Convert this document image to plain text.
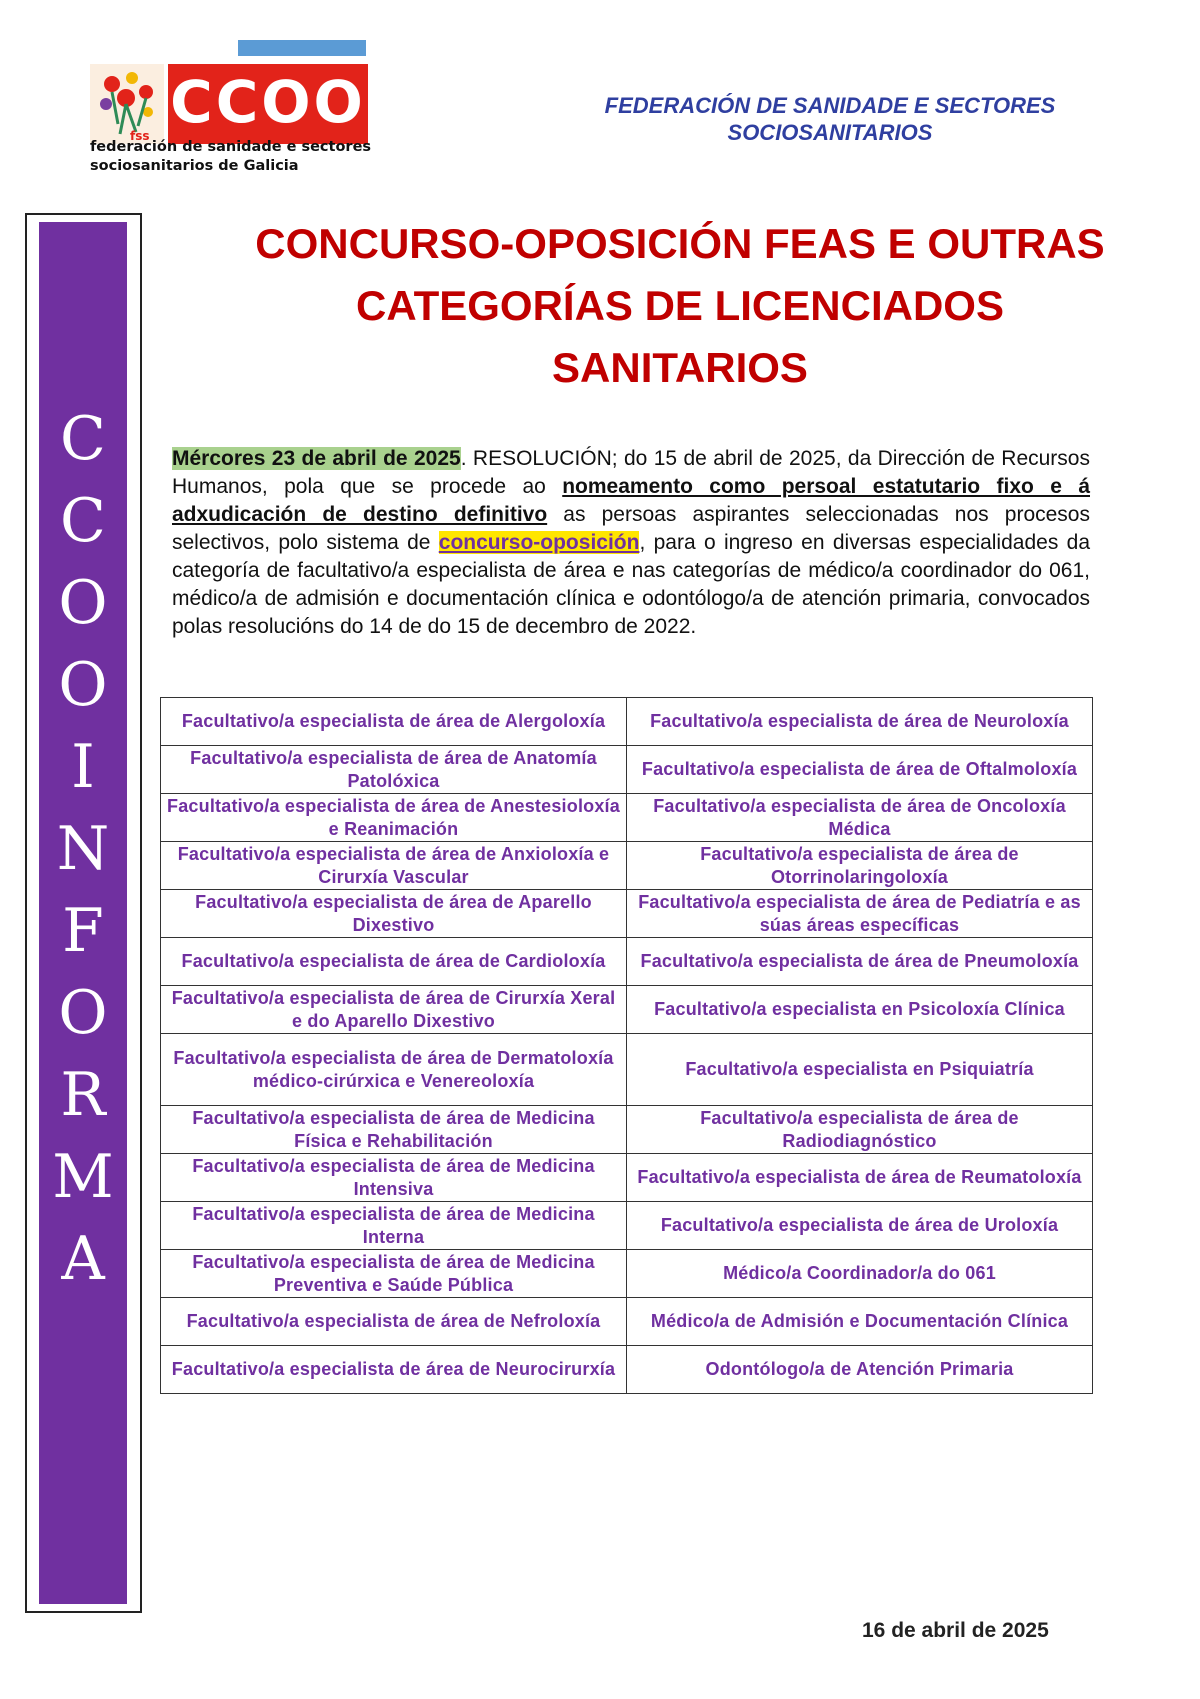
fss CCOO
federación de sanidade e sectores
sociosanitarios de Galicia
FEDERACIÓN DE SANIDADE E SECTORES
SOCIOSANITARIOS
C
C
O
O
I
N
F
O
R
M
A
CONCURSO-OPOSICIÓN FEAS E OUTRAS
CATEGORÍAS DE LICENCIADOS
SANITARIOS
Mércores 23 de abril de 2025. RESOLUCIÓN; do 15 de abril de 2025, da Dirección de Recursos Humanos, pola que se procede ao nomeamento como persoal estatutario fixo e á adxudicación de destino definitivo as persoas aspirantes seleccionadas nos procesos selectivos, polo sistema de concurso-oposición, para o ingreso en diversas especialidades da categoría de facultativo/a especialista de área e nas categorías de médico/a coordinador do 061, médico/a de admisión e documentación clínica e odontólogo/a de atención primaria, convocados polas resolucións do 14 de do 15 de decembro de 2022.
Facultativo/a especialista de área de Alergoloxía	Facultativo/a especialista de área de Neuroloxía
Facultativo/a especialista de área de Anatomía Patolóxica	Facultativo/a especialista de área de Oftalmoloxía
Facultativo/a especialista de área de Anestesioloxía e Reanimación	Facultativo/a especialista de área de Oncoloxía Médica
Facultativo/a especialista de área de Anxioloxía e Cirurxía Vascular	Facultativo/a especialista de área de Otorrinolaringoloxía
Facultativo/a especialista de área de Aparello Dixestivo	Facultativo/a especialista de área de Pediatría e as súas áreas específicas
Facultativo/a especialista de área de Cardioloxía	Facultativo/a especialista de área de Pneumoloxía
Facultativo/a especialista de área de Cirurxía Xeral e do Aparello Dixestivo	Facultativo/a especialista en Psicoloxía Clínica
Facultativo/a especialista de área de Dermatoloxía médico-cirúrxica e Venereoloxía	Facultativo/a especialista en Psiquiatría
Facultativo/a especialista de área de Medicina Física e Rehabilitación	Facultativo/a especialista de área de Radiodiagnóstico
Facultativo/a especialista de área de Medicina Intensiva	Facultativo/a especialista de área de Reumatoloxía
Facultativo/a especialista de área de Medicina Interna	Facultativo/a especialista de área de Uroloxía
Facultativo/a especialista de área de Medicina Preventiva e Saúde Pública	Médico/a Coordinador/a do 061
Facultativo/a especialista de área de Nefroloxía	Médico/a de Admisión e Documentación Clínica
Facultativo/a especialista de área de Neurocirurxía	Odontólogo/a de Atención Primaria
16 de abril de 2025
